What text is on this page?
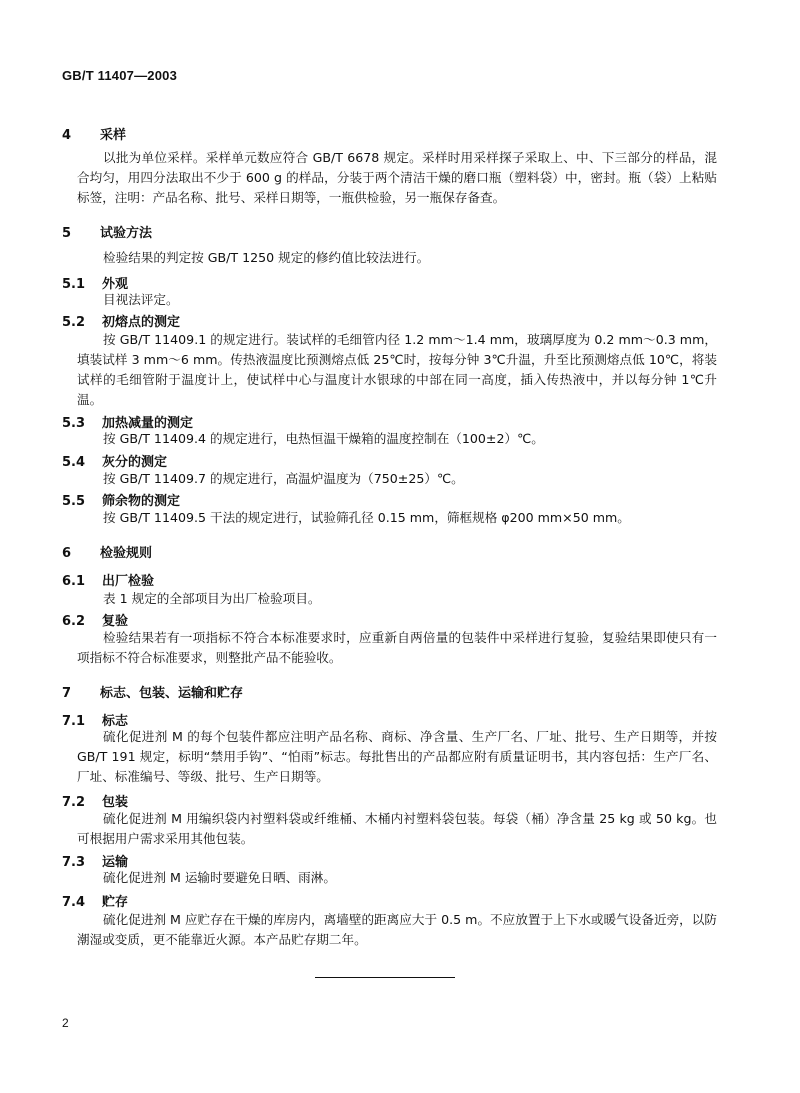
GB/T 11407—2003
4 采样
以批为单位采样。采样单元数应符合 GB/T 6678 规定。采样时用采样探子采取上、中、下三部分的样品，混合均匀，用四分法取出不少于 600 g 的样品，分装于两个清洁干燥的磨口瓶（塑料袋）中，密封。瓶（袋）上粘贴标签，注明：产品名称、批号、采样日期等，一瓶供检验，另一瓶保存备查。
5 试验方法
检验结果的判定按 GB/T 1250 规定的修约值比较法进行。
5.1 外观
目视法评定。
5.2 初熔点的测定
按 GB/T 11409.1 的规定进行。装试样的毛细管内径 1.2 mm～1.4 mm，玻璃厚度为 0.2 mm～0.3 mm，填装试样 3 mm～6 mm。传热液温度比预测熔点低 25℃时，按每分钟 3℃升温，升至比预测熔点低 10℃，将装试样的毛细管附于温度计上，使试样中心与温度计水银球的中部在同一高度，插入传热液中，并以每分钟 1℃升温。
5.3 加热减量的测定
按 GB/T 11409.4 的规定进行，电热恒温干燥箱的温度控制在（100±2）℃。
5.4 灰分的测定
按 GB/T 11409.7 的规定进行，高温炉温度为（750±25）℃。
5.5 筛余物的测定
按 GB/T 11409.5 干法的规定进行，试验筛孔径 0.15 mm，筛框规格 φ200 mm×50 mm。
6 检验规则
6.1 出厂检验
表 1 规定的全部项目为出厂检验项目。
6.2 复验
检验结果若有一项指标不符合本标准要求时，应重新自两倍量的包装件中采样进行复验，复验结果即使只有一项指标不符合标准要求，则整批产品不能验收。
7 标志、包装、运输和贮存
7.1 标志
硫化促进剂 M 的每个包装件都应注明产品名称、商标、净含量、生产厂名、厂址、批号、生产日期等，并按 GB/T 191 规定，标明“禁用手钩”、“怕雨”标志。每批售出的产品都应附有质量证明书，其内容包括：生产厂名、厂址、标准编号、等级、批号、生产日期等。
7.2 包装
硫化促进剂 M 用编织袋内衬塑料袋或纤维桶、木桶内衬塑料袋包装。每袋（桶）净含量 25 kg 或 50 kg。也可根据用户需求采用其他包装。
7.3 运输
硫化促进剂 M 运输时要避免日晒、雨淋。
7.4 贮存
硫化促进剂 M 应贮存在干燥的库房内，离墙壁的距离应大于 0.5 m。不应放置于上下水或暖气设备近旁，以防潮湿或变质，更不能靠近火源。本产品贮存期二年。
2
